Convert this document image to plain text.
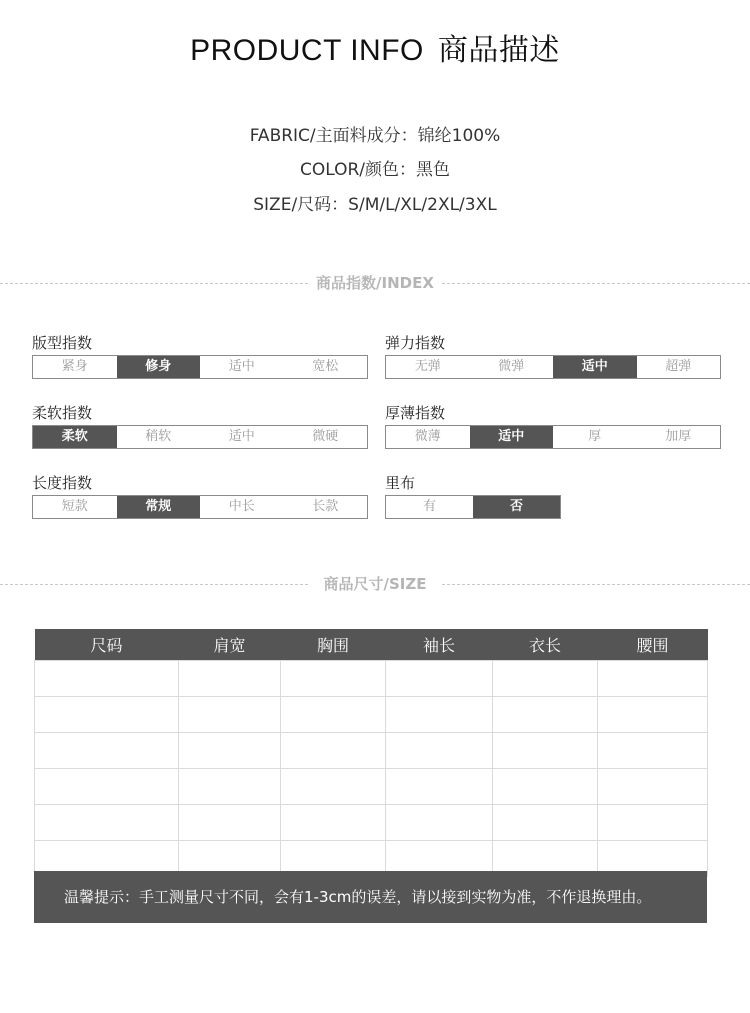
PRODUCT INFO 商品描述
FABRIC/主面料成分：锦纶100%
COLOR/颜色：黑色
SIZE/尺码：S/M/L/XL/2XL/3XL
商品指数/INDEX
版型指数
紧身	修身	适中	宽松
弹力指数
无弹	微弹	适中	超弹
柔软指数
柔软	稍软	适中	微硬
厚薄指数
微薄	适中	厚	加厚
长度指数
短款	常规	中长	长款
里布
有	否
商品尺寸/SIZE
尺码	肩宽	胸围	袖长	衣长	腰围

温馨提示：手工测量尺寸不同，会有1-3cm的误差，请以接到实物为准，不作退换理由。
